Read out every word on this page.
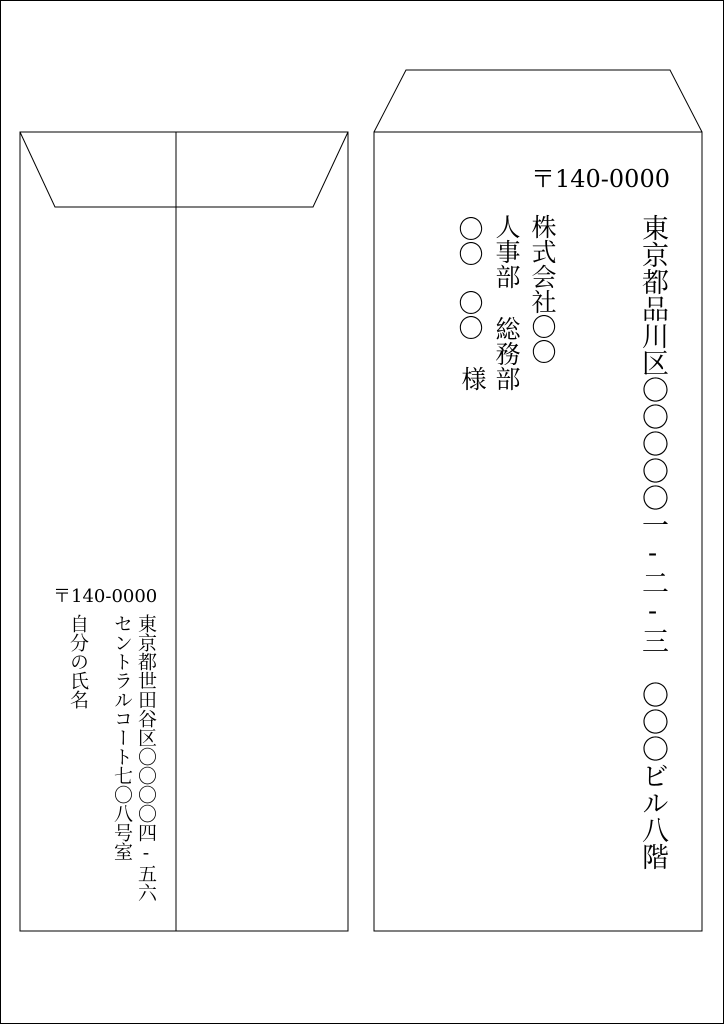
〒140-0000
東京都品川区〇〇〇〇〇一-二-三　〇〇〇ビル八階
株式会社〇〇
人事部
総務部
〇〇
〇〇
様
〒140-0000
東京都世田谷区〇〇〇〇四-五六
セントラルコート七〇八号室
自分の氏名
